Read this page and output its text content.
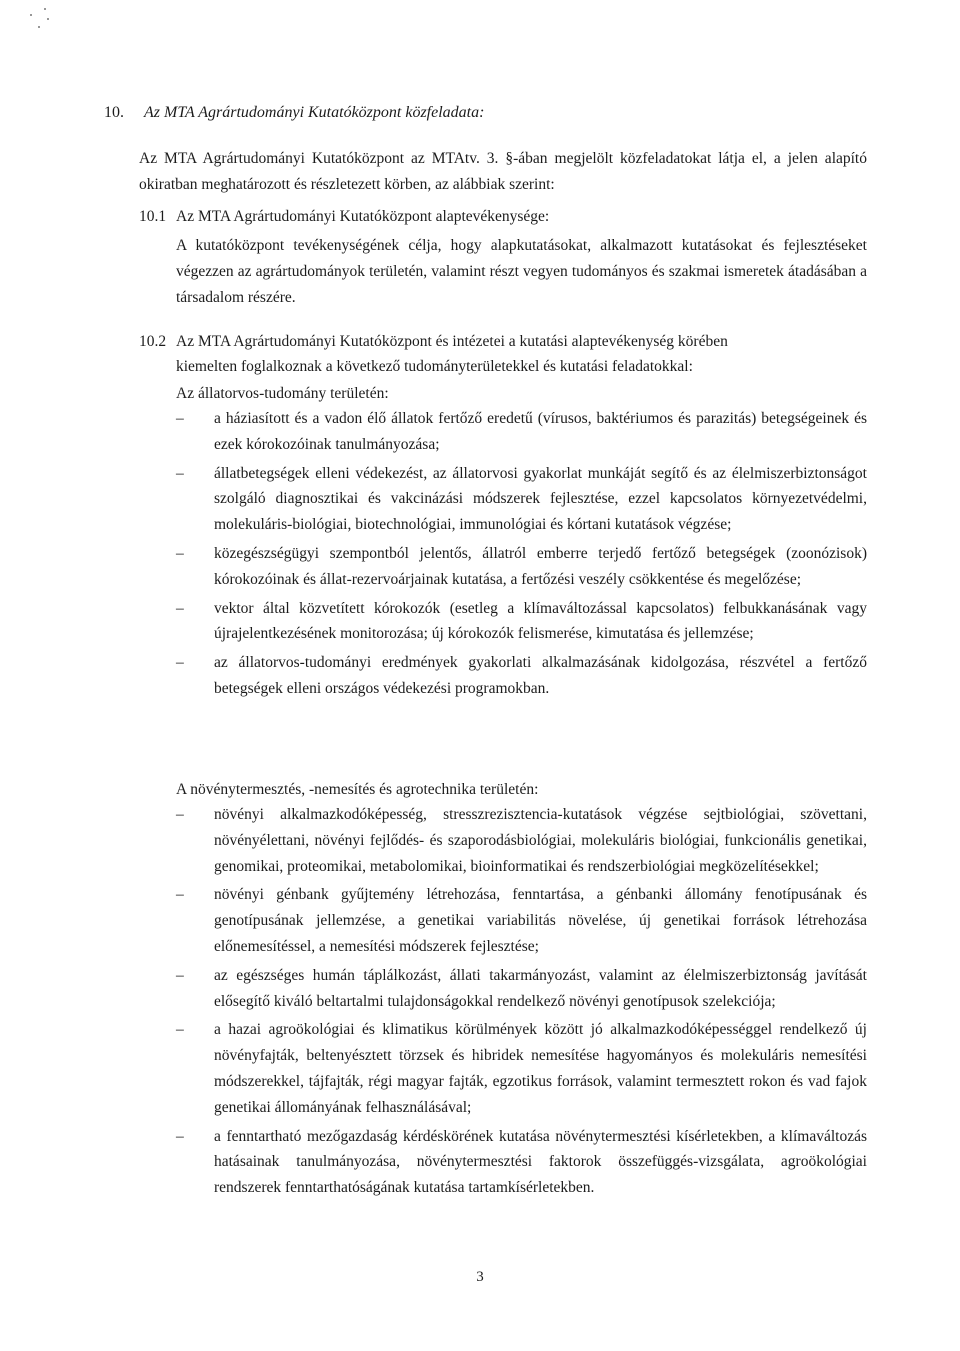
10. Az MTA Agrártudományi Kutatóközpont közfeladata:
Az MTA Agrártudományi Kutatóközpont az MTAtv. 3. §-ában megjelölt közfeladatokat látja el, a jelen alapító okiratban meghatározott és részletezett körben, az alábbiak szerint:
10.1 Az MTA Agrártudományi Kutatóközpont alaptevékenysége:
A kutatóközpont tevékenységének célja, hogy alapkutatásokat, alkalmazott kutatásokat és fejlesztéseket végezzen az agrártudományok területén, valamint részt vegyen tudományos és szakmai ismeretek átadásában a társadalom részére.
10.2 Az MTA Agrártudományi Kutatóközpont és intézetei a kutatási alaptevékenység körében
kiemelten foglalkoznak a következő tudományterületekkel és kutatási feladatokkal:
Az állatorvos-tudomány területén:
–	a háziasított és a vadon élő állatok fertőző eredetű (vírusos, baktériumos és parazitás) betegségeinek és ezek kórokozóinak tanulmányozása;
–	állatbetegségek elleni védekezést, az állatorvosi gyakorlat munkáját segítő és az élelmiszerbiztonságot szolgáló diagnosztikai és vakcinázási módszerek fejlesztése, ezzel kapcsolatos környezetvédelmi, molekuláris-biológiai, biotechnológiai, immunológiai és kórtani kutatások végzése;
–	közegészségügyi szempontból jelentős, állatról emberre terjedő fertőző betegségek (zoonózisok) kórokozóinak és állat-rezervoárjainak kutatása, a fertőzési veszély csökkentése és megelőzése;
–	vektor által közvetített kórokozók (esetleg a klímaváltozással kapcsolatos) felbukkanásának vagy újrajelentkezésének monitorozása; új kórokozók felismerése, kimutatása és jellemzése;
–	az állatorvos-tudományi eredmények gyakorlati alkalmazásának kidolgozása, részvétel a fertőző betegségek elleni országos védekezési programokban.
A növénytermesztés, -nemesítés és agrotechnika területén:
–	növényi alkalmazkodóképesség, stresszrezisztencia-kutatások végzése sejtbiológiai, szövettani, növényélettani, növényi fejlődés- és szaporodásbiológiai, molekuláris biológiai, funkcionális genetikai, genomikai, proteomikai, metabolomikai, bioinformatikai és rendszerbiológiai megközelítésekkel;
–	növényi génbank gyűjtemény létrehozása, fenntartása, a génbanki állomány fenotípusának és genotípusának jellemzése, a genetikai variabilitás növelése, új genetikai források létrehozása előnemesítéssel, a nemesítési módszerek fejlesztése;
–	az egészséges humán táplálkozást, állati takarmányozást, valamint az élelmiszerbiztonság javítását elősegítő kiváló beltartalmi tulajdonságokkal rendelkező növényi genotípusok szelekciója;
–	a hazai agroökológiai és klimatikus körülmények között jó alkalmazkodóképességgel rendelkező új növényfajták, beltenyésztett törzsek és hibridek nemesítése hagyományos és molekuláris nemesítési módszerekkel, tájfajták, régi magyar fajták, egzotikus források, valamint termesztett rokon és vad fajok genetikai állományának felhasználásával;
–	a fenntartható mezőgazdaság kérdéskörének kutatása növénytermesztési kísérletekben, a klímaváltozás hatásainak tanulmányozása, növénytermesztési faktorok összefüggés-vizsgálata, agroökológiai rendszerek fenntarthatóságának kutatása tartamkísérletekben.
3
